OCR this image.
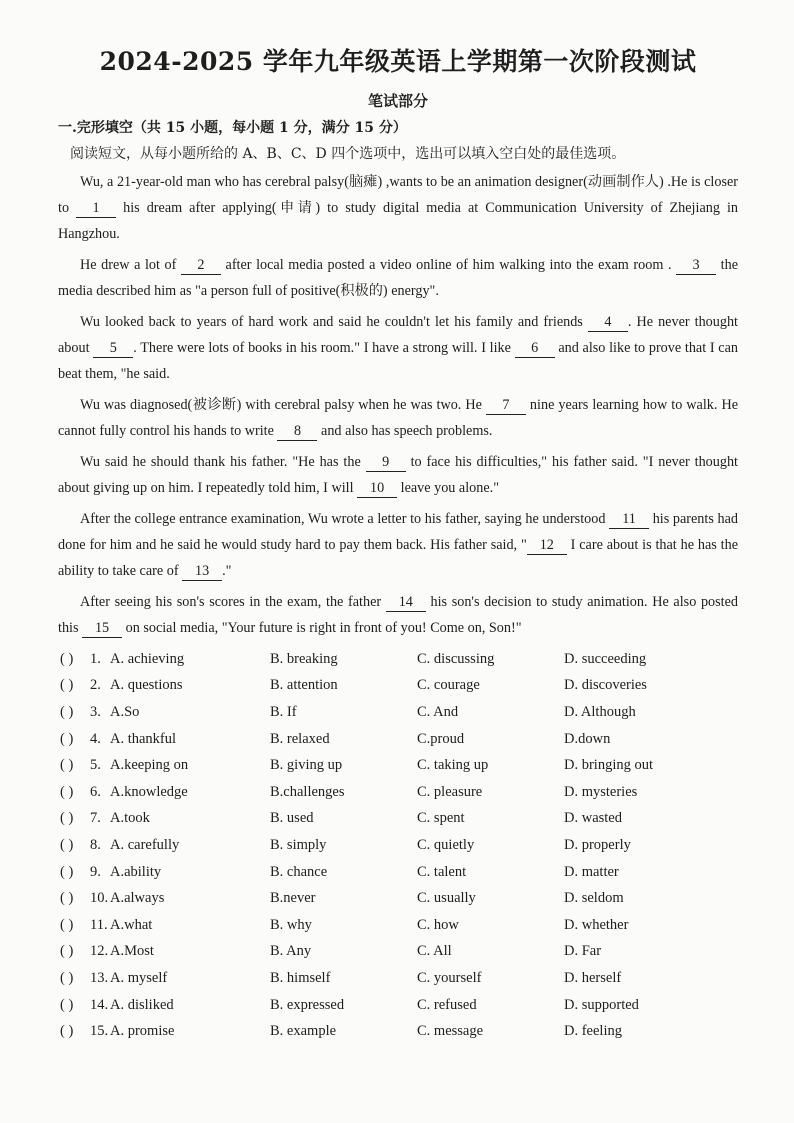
2024-2025 学年九年级英语上学期第一次阶段测试
笔试部分
一.完形填空（共 15 小题，每小题 1 分，满分 15 分）
阅读短文，从每小题所给的 A、B、C、D 四个选项中，选出可以填入空白处的最佳选项。

Wu, a 21-year-old man who has cerebral palsy(脑瘫) ,wants to be an animation designer(动画制作人) .He is closer to 1 his dream after applying(申请) to study digital media at Communication University of Zhejiang in Hangzhou.

He drew a lot of 2 after local media posted a video online of him walking into the exam room . 3 the media described him as "a person full of positive(积极的) energy".

Wu looked back to years of hard work and said he couldn't let his family and friends 4 . He never thought about 5 . There were lots of books in his room." I have a strong will. I like 6 and also like to prove that I can beat them, "he said.

Wu was diagnosed(被诊断) with cerebral palsy when he was two. He 7 nine years learning how to walk. He cannot fully control his hands to write 8 and also has speech problems.

Wu said he should thank his father. "He has the 9 to face his difficulties," his father said. "I never thought about giving up on him. I repeatedly told him, I will 10 leave you alone."

After the college entrance examination, Wu wrote a letter to his father, saying he understood 11 his parents had done for him and he said he would study hard to pay them back. His father said, " 12 I care about is that he has the ability to take care of 13 ."

After seeing his son's scores in the exam, the father 14 his son's decision to study animation. He also posted this 15 on social media, "Your future is right in front of you! Come on, Son!"

( )	1. A. achieving	B. breaking	C. discussing	D. succeeding
( )	2. A. questions	B. attention	C. courage	D. discoveries
( )	3. A.So	B. If	C. And	D. Although
( )	4. A. thankful	B. relaxed	C.proud	D.down
( )	5. A.keeping on	B. giving up	C. taking up	D. bringing out
( )	6. A.knowledge	B.challenges	C. pleasure	D. mysteries
( )	7. A.took	B. used	C. spent	D. wasted
( )	8. A. carefully	B. simply	C. quietly	D. properly
( )	9. A.ability	B. chance	C. talent	D. matter
( )	10. A.always	B.never	C. usually	D. seldom
( )	11. A.what	B. why	C. how	D. whether
( )	12. A.Most	B. Any	C. All	D. Far
( )	13. A. myself	B. himself	C. yourself	D. herself
( )	14. A. disliked	B. expressed	C. refused	D. supported
( )	15. A. promise	B. example	C. message	D. feeling
